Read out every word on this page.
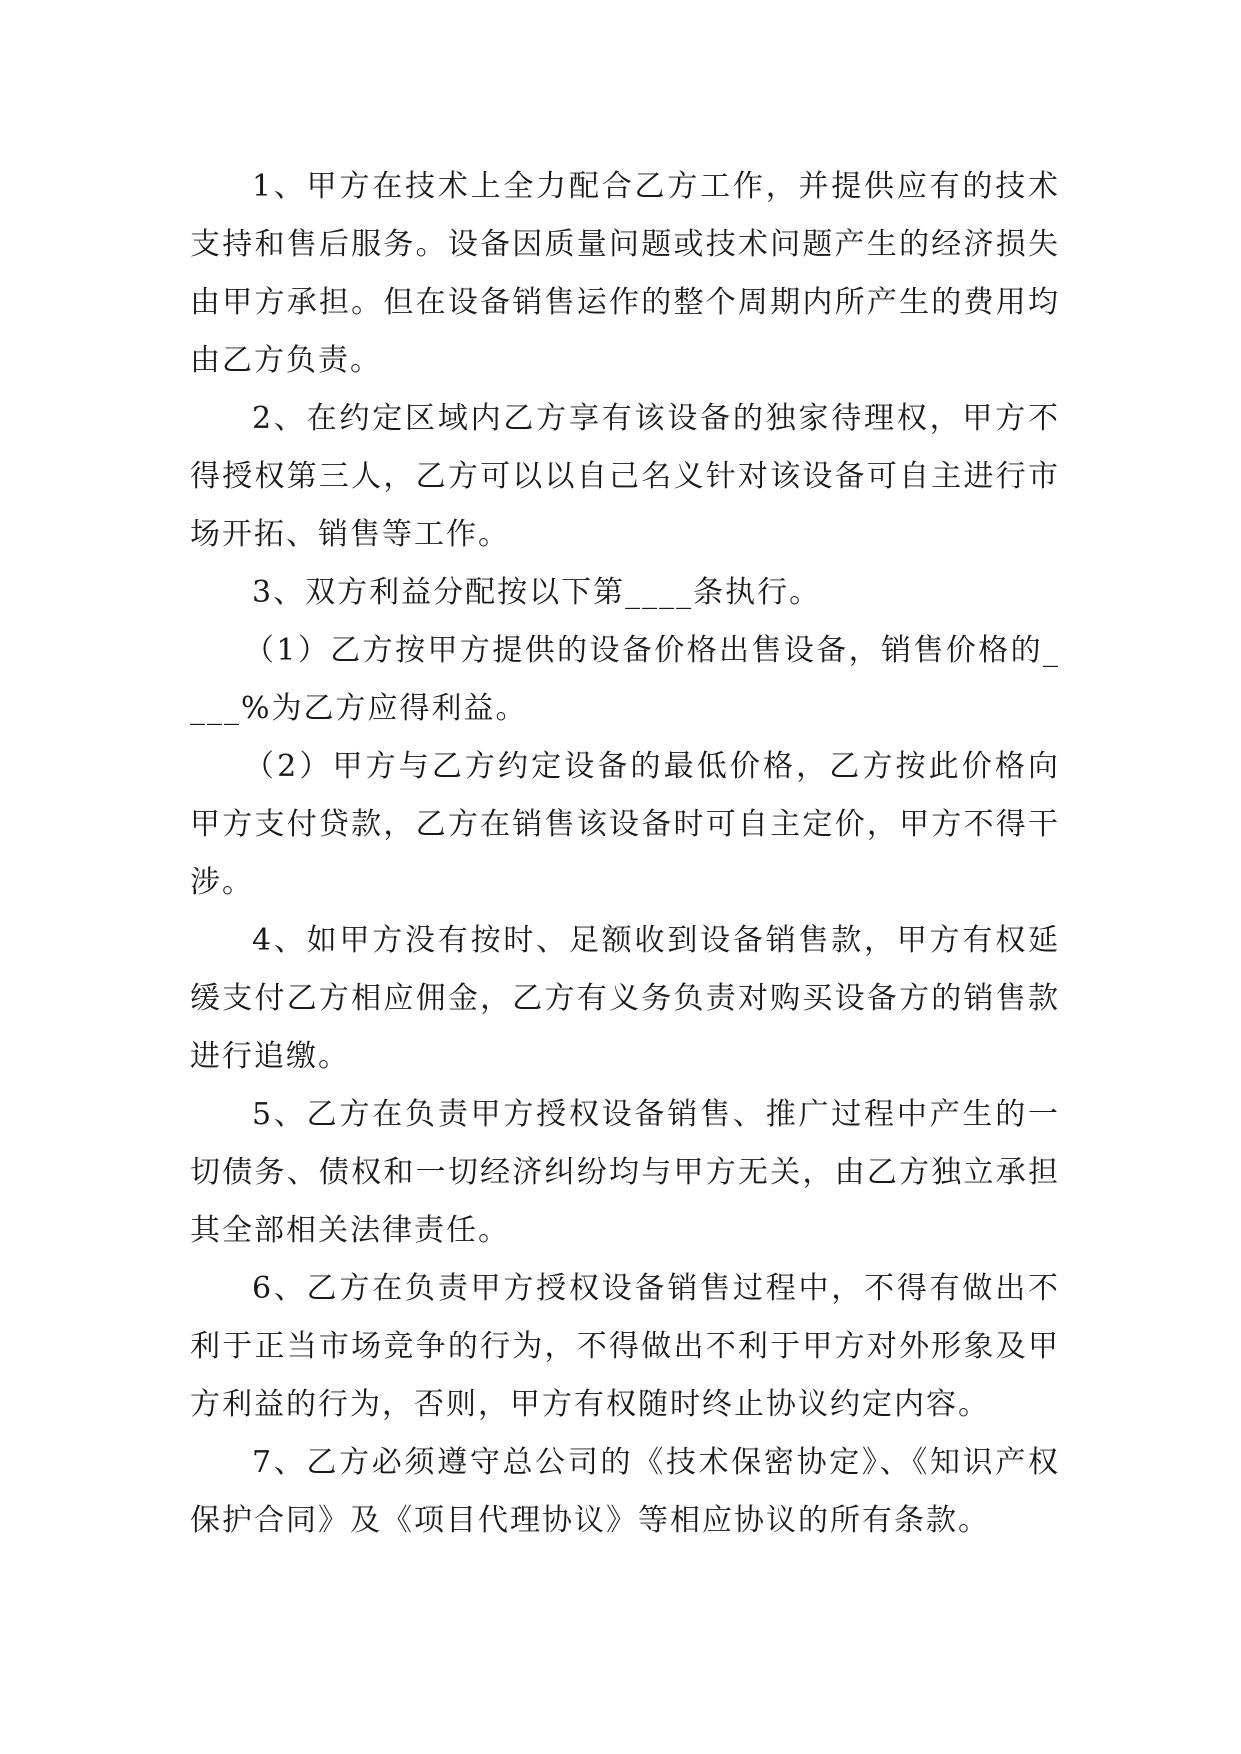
1、甲方在技术上全力配合乙方工作，并提供应有的技术支持和售后服务。设备因质量问题或技术问题产生的经济损失由甲方承担。但在设备销售运作的整个周期内所产生的费用均由乙方负责。

2、在约定区域内乙方享有该设备的独家待理权，甲方不得授权第三人，乙方可以以自己名义针对该设备可自主进行市场开拓、销售等工作。

3、双方利益分配按以下第____条执行。

（1）乙方按甲方提供的设备价格出售设备，销售价格的____%为乙方应得利益。

（2）甲方与乙方约定设备的最低价格，乙方按此价格向甲方支付贷款，乙方在销售该设备时可自主定价，甲方不得干涉。

4、如甲方没有按时、足额收到设备销售款，甲方有权延缓支付乙方相应佣金，乙方有义务负责对购买设备方的销售款进行追缴。

5、乙方在负责甲方授权设备销售、推广过程中产生的一切债务、债权和一切经济纠纷均与甲方无关，由乙方独立承担其全部相关法律责任。

6、乙方在负责甲方授权设备销售过程中，不得有做出不利于正当市场竞争的行为，不得做出不利于甲方对外形象及甲方利益的行为，否则，甲方有权随时终止协议约定内容。

7、乙方必须遵守总公司的《技术保密协定》、《知识产权保护合同》及《项目代理协议》等相应协议的所有条款。
